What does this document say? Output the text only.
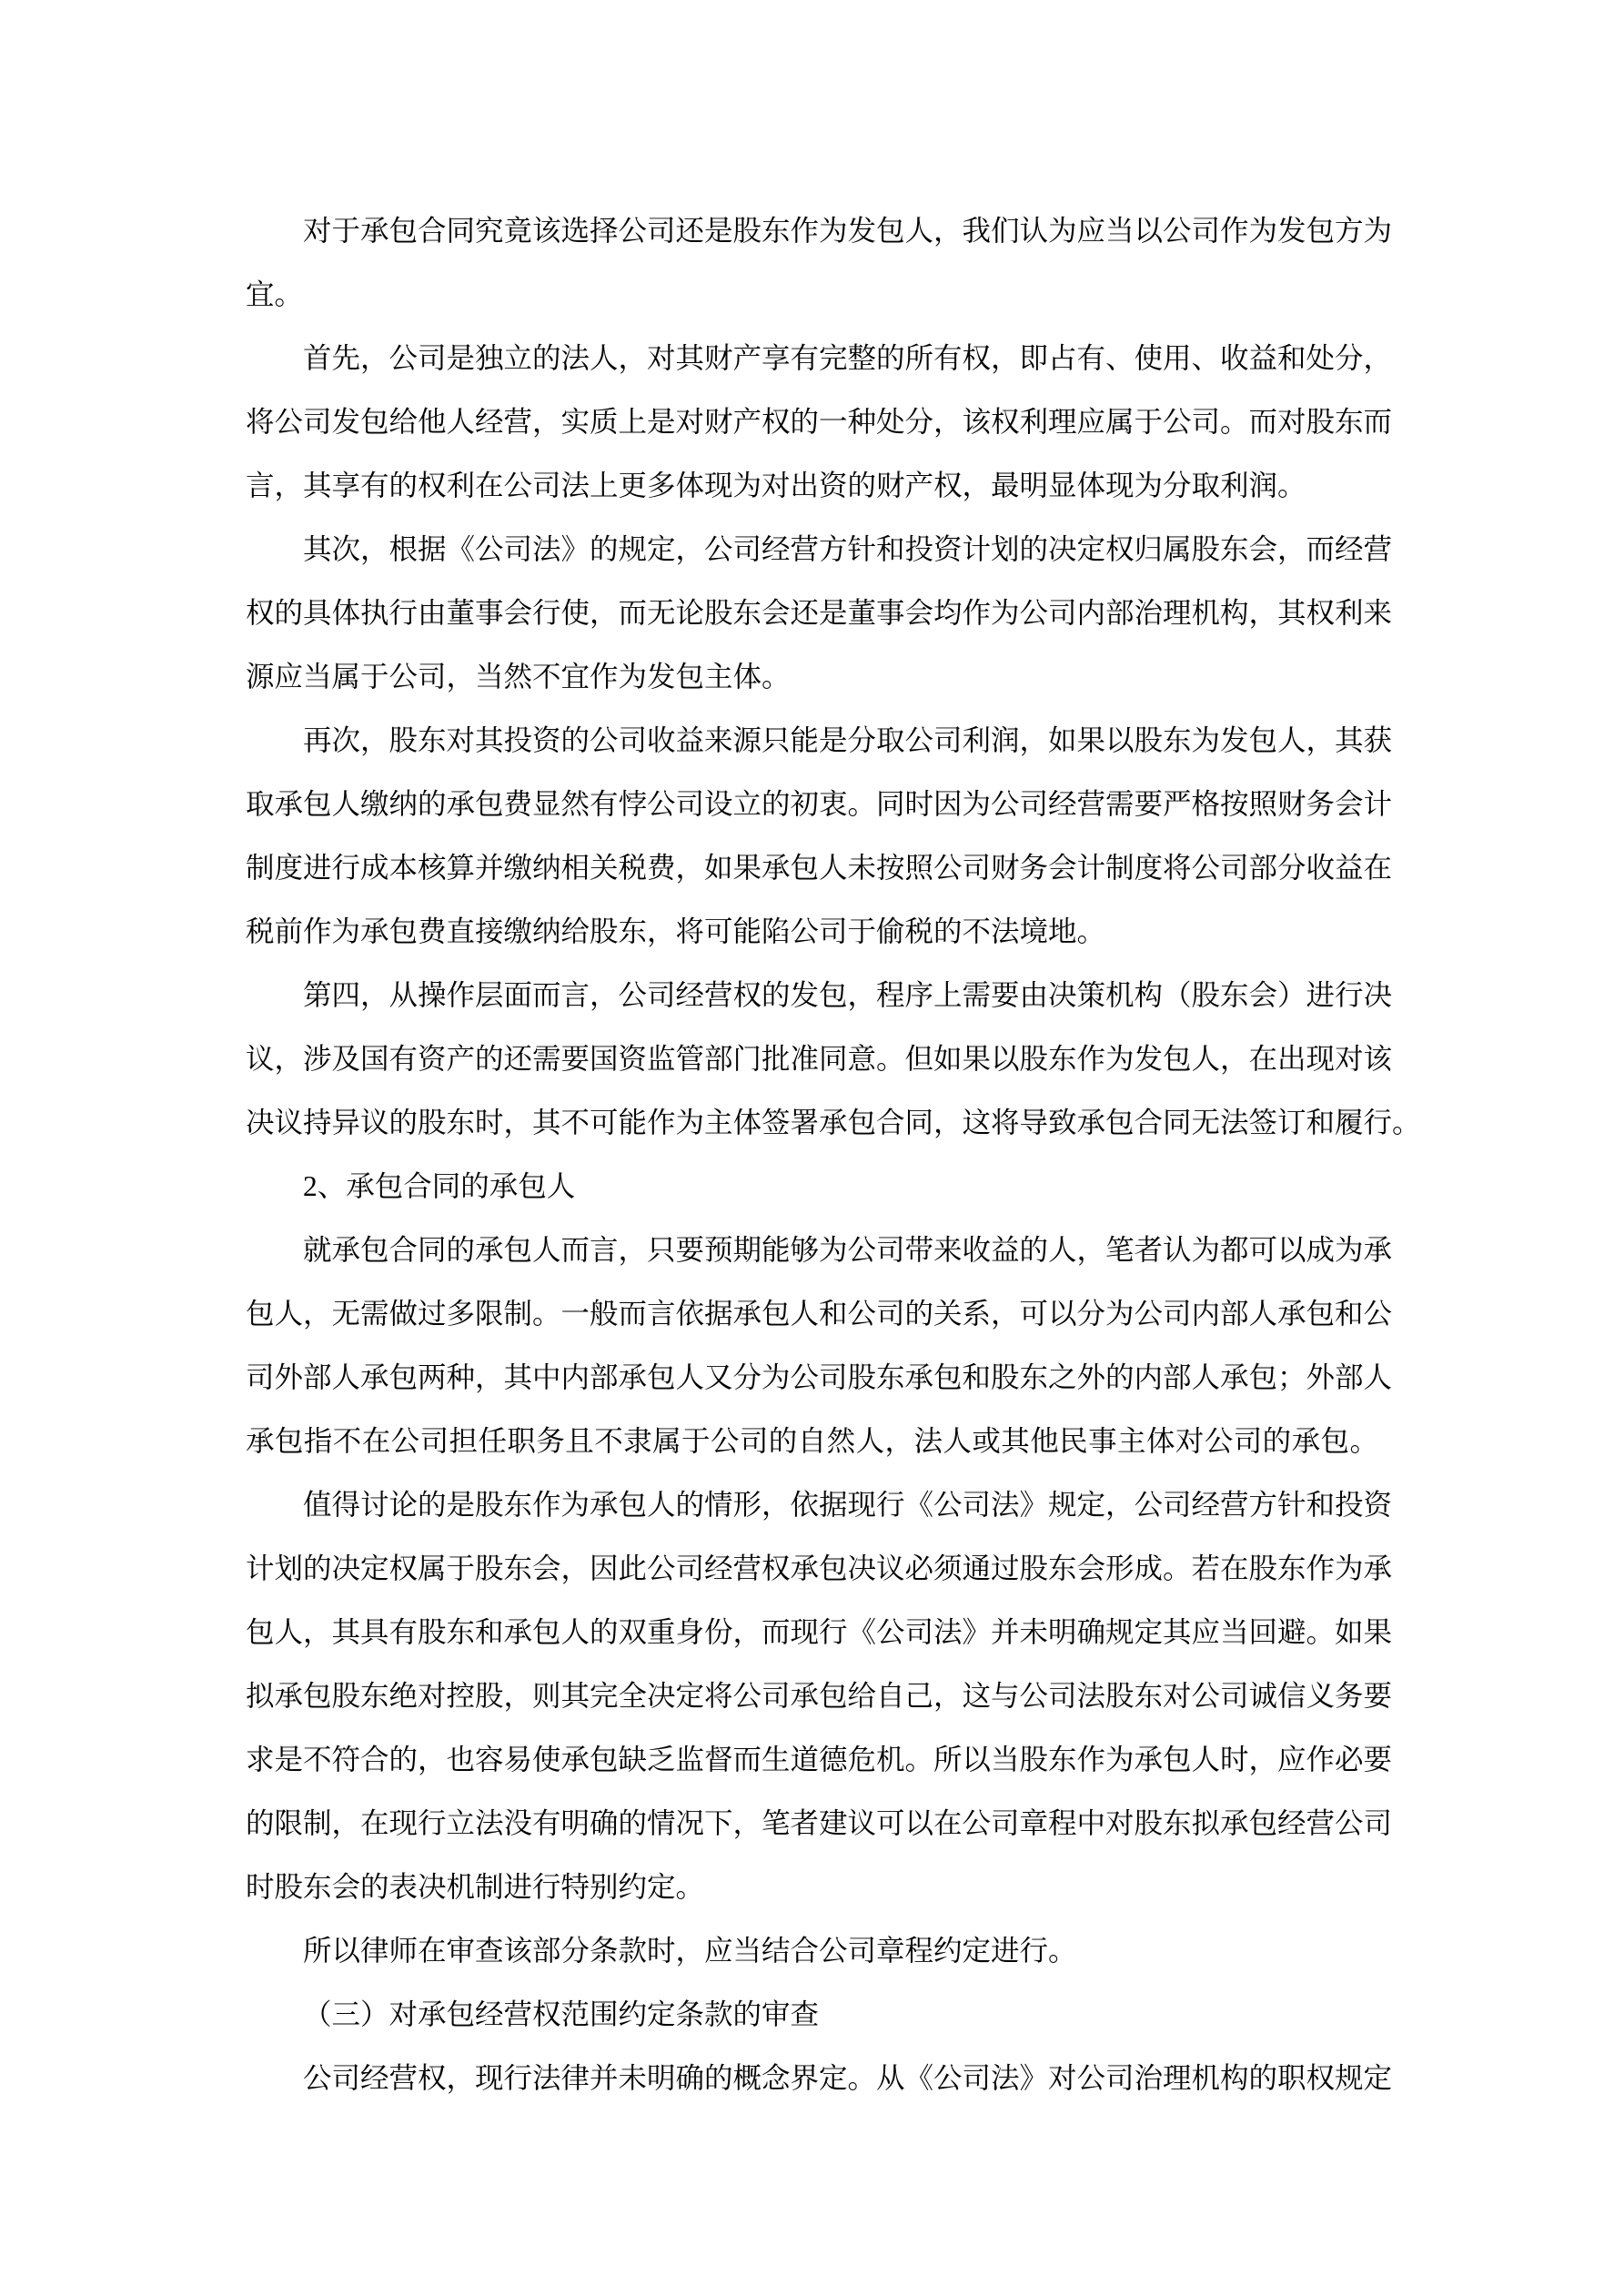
对于承包合同究竟该选择公司还是股东作为发包人，我们认为应当以公司作为发包方为
宜。
首先，公司是独立的法人，对其财产享有完整的所有权，即占有、使用、收益和处分，
将公司发包给他人经营，实质上是对财产权的一种处分，该权利理应属于公司。而对股东而
言，其享有的权利在公司法上更多体现为对出资的财产权，最明显体现为分取利润。
其次，根据《公司法》的规定，公司经营方针和投资计划的决定权归属股东会，而经营
权的具体执行由董事会行使，而无论股东会还是董事会均作为公司内部治理机构，其权利来
源应当属于公司，当然不宜作为发包主体。
再次，股东对其投资的公司收益来源只能是分取公司利润，如果以股东为发包人，其获
取承包人缴纳的承包费显然有悖公司设立的初衷。同时因为公司经营需要严格按照财务会计
制度进行成本核算并缴纳相关税费，如果承包人未按照公司财务会计制度将公司部分收益在
税前作为承包费直接缴纳给股东，将可能陷公司于偷税的不法境地。
第四，从操作层面而言，公司经营权的发包，程序上需要由决策机构（股东会）进行决
议，涉及国有资产的还需要国资监管部门批准同意。但如果以股东作为发包人，在出现对该
决议持异议的股东时，其不可能作为主体签署承包合同，这将导致承包合同无法签订和履行。
2、承包合同的承包人
就承包合同的承包人而言，只要预期能够为公司带来收益的人，笔者认为都可以成为承
包人，无需做过多限制。一般而言依据承包人和公司的关系，可以分为公司内部人承包和公
司外部人承包两种，其中内部承包人又分为公司股东承包和股东之外的内部人承包；外部人
承包指不在公司担任职务且不隶属于公司的自然人，法人或其他民事主体对公司的承包。
值得讨论的是股东作为承包人的情形，依据现行《公司法》规定，公司经营方针和投资
计划的决定权属于股东会，因此公司经营权承包决议必须通过股东会形成。若在股东作为承
包人，其具有股东和承包人的双重身份，而现行《公司法》并未明确规定其应当回避。如果
拟承包股东绝对控股，则其完全决定将公司承包给自己，这与公司法股东对公司诚信义务要
求是不符合的，也容易使承包缺乏监督而生道德危机。所以当股东作为承包人时，应作必要
的限制，在现行立法没有明确的情况下，笔者建议可以在公司章程中对股东拟承包经营公司
时股东会的表决机制进行特别约定。
所以律师在审查该部分条款时，应当结合公司章程约定进行。
（三）对承包经营权范围约定条款的审查
公司经营权，现行法律并未明确的概念界定。从《公司法》对公司治理机构的职权规定
